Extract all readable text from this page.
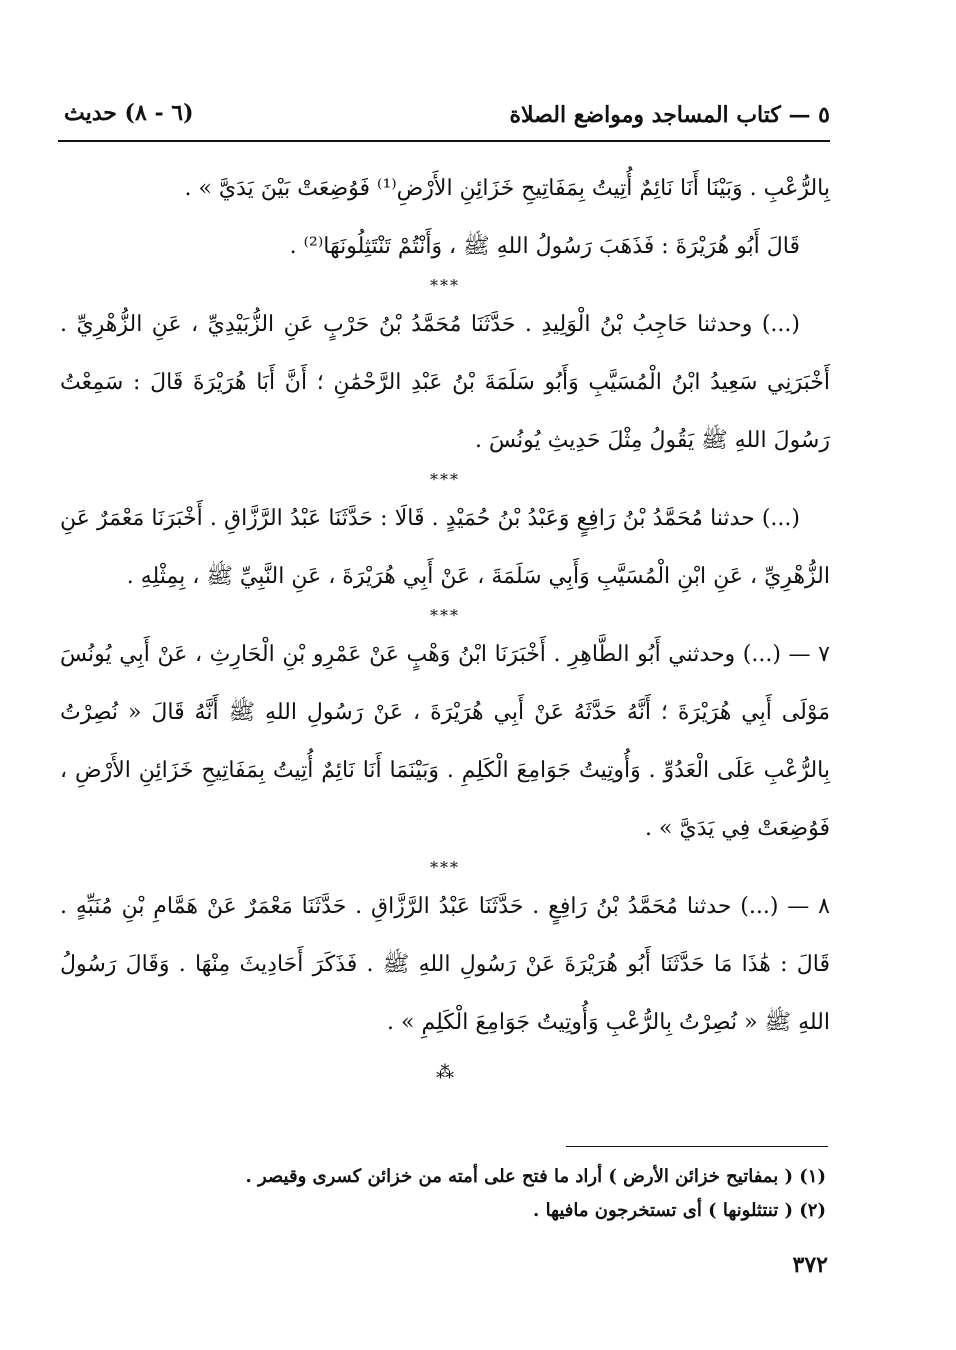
٥ — كتاب المساجد ومواضع الصلاة
(٦ - ٨) حديث

بِالرُّعْبِ . وَبَيْنَا أَنَا نَائِمٌ أُتِيتُ بِمَفَاتِيحِ خَزَائِنِ الأَرْضِ⁽¹⁾ فَوُضِعَتْ بَيْنَ يَدَيَّ » .

قَالَ أَبُو هُرَيْرَةَ : فَذَهَبَ رَسُولُ اللهِ ﷺ ، وَأَنْتُمْ تَنْتَثِلُونَهَا⁽²⁾ .

***

(...) وحدثنا حَاجِبُ بْنُ الْوَلِيدِ . حَدَّثَنَا مُحَمَّدُ بْنُ حَرْبٍ عَنِ الزُّبَيْدِيِّ ، عَنِ الزُّهْرِيِّ . أَخْبَرَنِي سَعِيدُ ابْنُ الْمُسَيَّبِ وَأَبُو سَلَمَةَ بْنُ عَبْدِ الرَّحْمَٰنِ ؛ أَنَّ أَبَا هُرَيْرَةَ قَالَ : سَمِعْتُ رَسُولَ اللهِ ﷺ يَقُولُ مِثْلَ حَدِيثِ يُونُسَ .

***

(...) حدثنا مُحَمَّدُ بْنُ رَافِعٍ وَعَبْدُ بْنُ حُمَيْدٍ . قَالَا : حَدَّثَنَا عَبْدُ الرَّزَّاقِ . أَخْبَرَنَا مَعْمَرٌ عَنِ الزُّهْرِيِّ ، عَنِ ابْنِ الْمُسَيَّبِ وَأَبِي سَلَمَةَ ، عَنْ أَبِي هُرَيْرَةَ ، عَنِ النَّبِيِّ ﷺ ، بِمِثْلِهِ .

***

٧ — (...) وحدثني أَبُو الطَّاهِرِ . أَخْبَرَنَا ابْنُ وَهْبٍ عَنْ عَمْرِو بْنِ الْحَارِثِ ، عَنْ أَبِي يُونُسَ مَوْلَى أَبِي هُرَيْرَةَ ؛ أَنَّهُ حَدَّثَهُ عَنْ أَبِي هُرَيْرَةَ ، عَنْ رَسُولِ اللهِ ﷺ أَنَّهُ قَالَ « نُصِرْتُ بِالرُّعْبِ عَلَى الْعَدُوِّ . وَأُوتِيتُ جَوَامِعَ الْكَلِمِ . وَبَيْنَمَا أَنَا نَائِمٌ أُتِيتُ بِمَفَاتِيحِ خَزَائِنِ الأَرْضِ ، فَوُضِعَتْ فِي يَدَيَّ » .

***

٨ — (...) حدثنا مُحَمَّدُ بْنُ رَافِعٍ . حَدَّثَنَا عَبْدُ الرَّزَّاقِ . حَدَّثَنَا مَعْمَرٌ عَنْ هَمَّامِ بْنِ مُنَبِّهٍ . قَالَ : هَٰذَا مَا حَدَّثَنَا أَبُو هُرَيْرَةَ عَنْ رَسُولِ اللهِ ﷺ . فَذَكَرَ أَحَادِيثَ مِنْهَا . وَقَالَ رَسُولُ اللهِ ﷺ « نُصِرْتُ بِالرُّعْبِ وَأُوتِيتُ جَوَامِعَ الْكَلِمِ » .

⁂

(١) ( بمفاتيح خزائن الأرض ) أراد ما فتح على أمته من خزائن كسرى وقيصر .

(٢) ( تنتثلونها ) أى تستخرجون مافيها .

٣٧٢
